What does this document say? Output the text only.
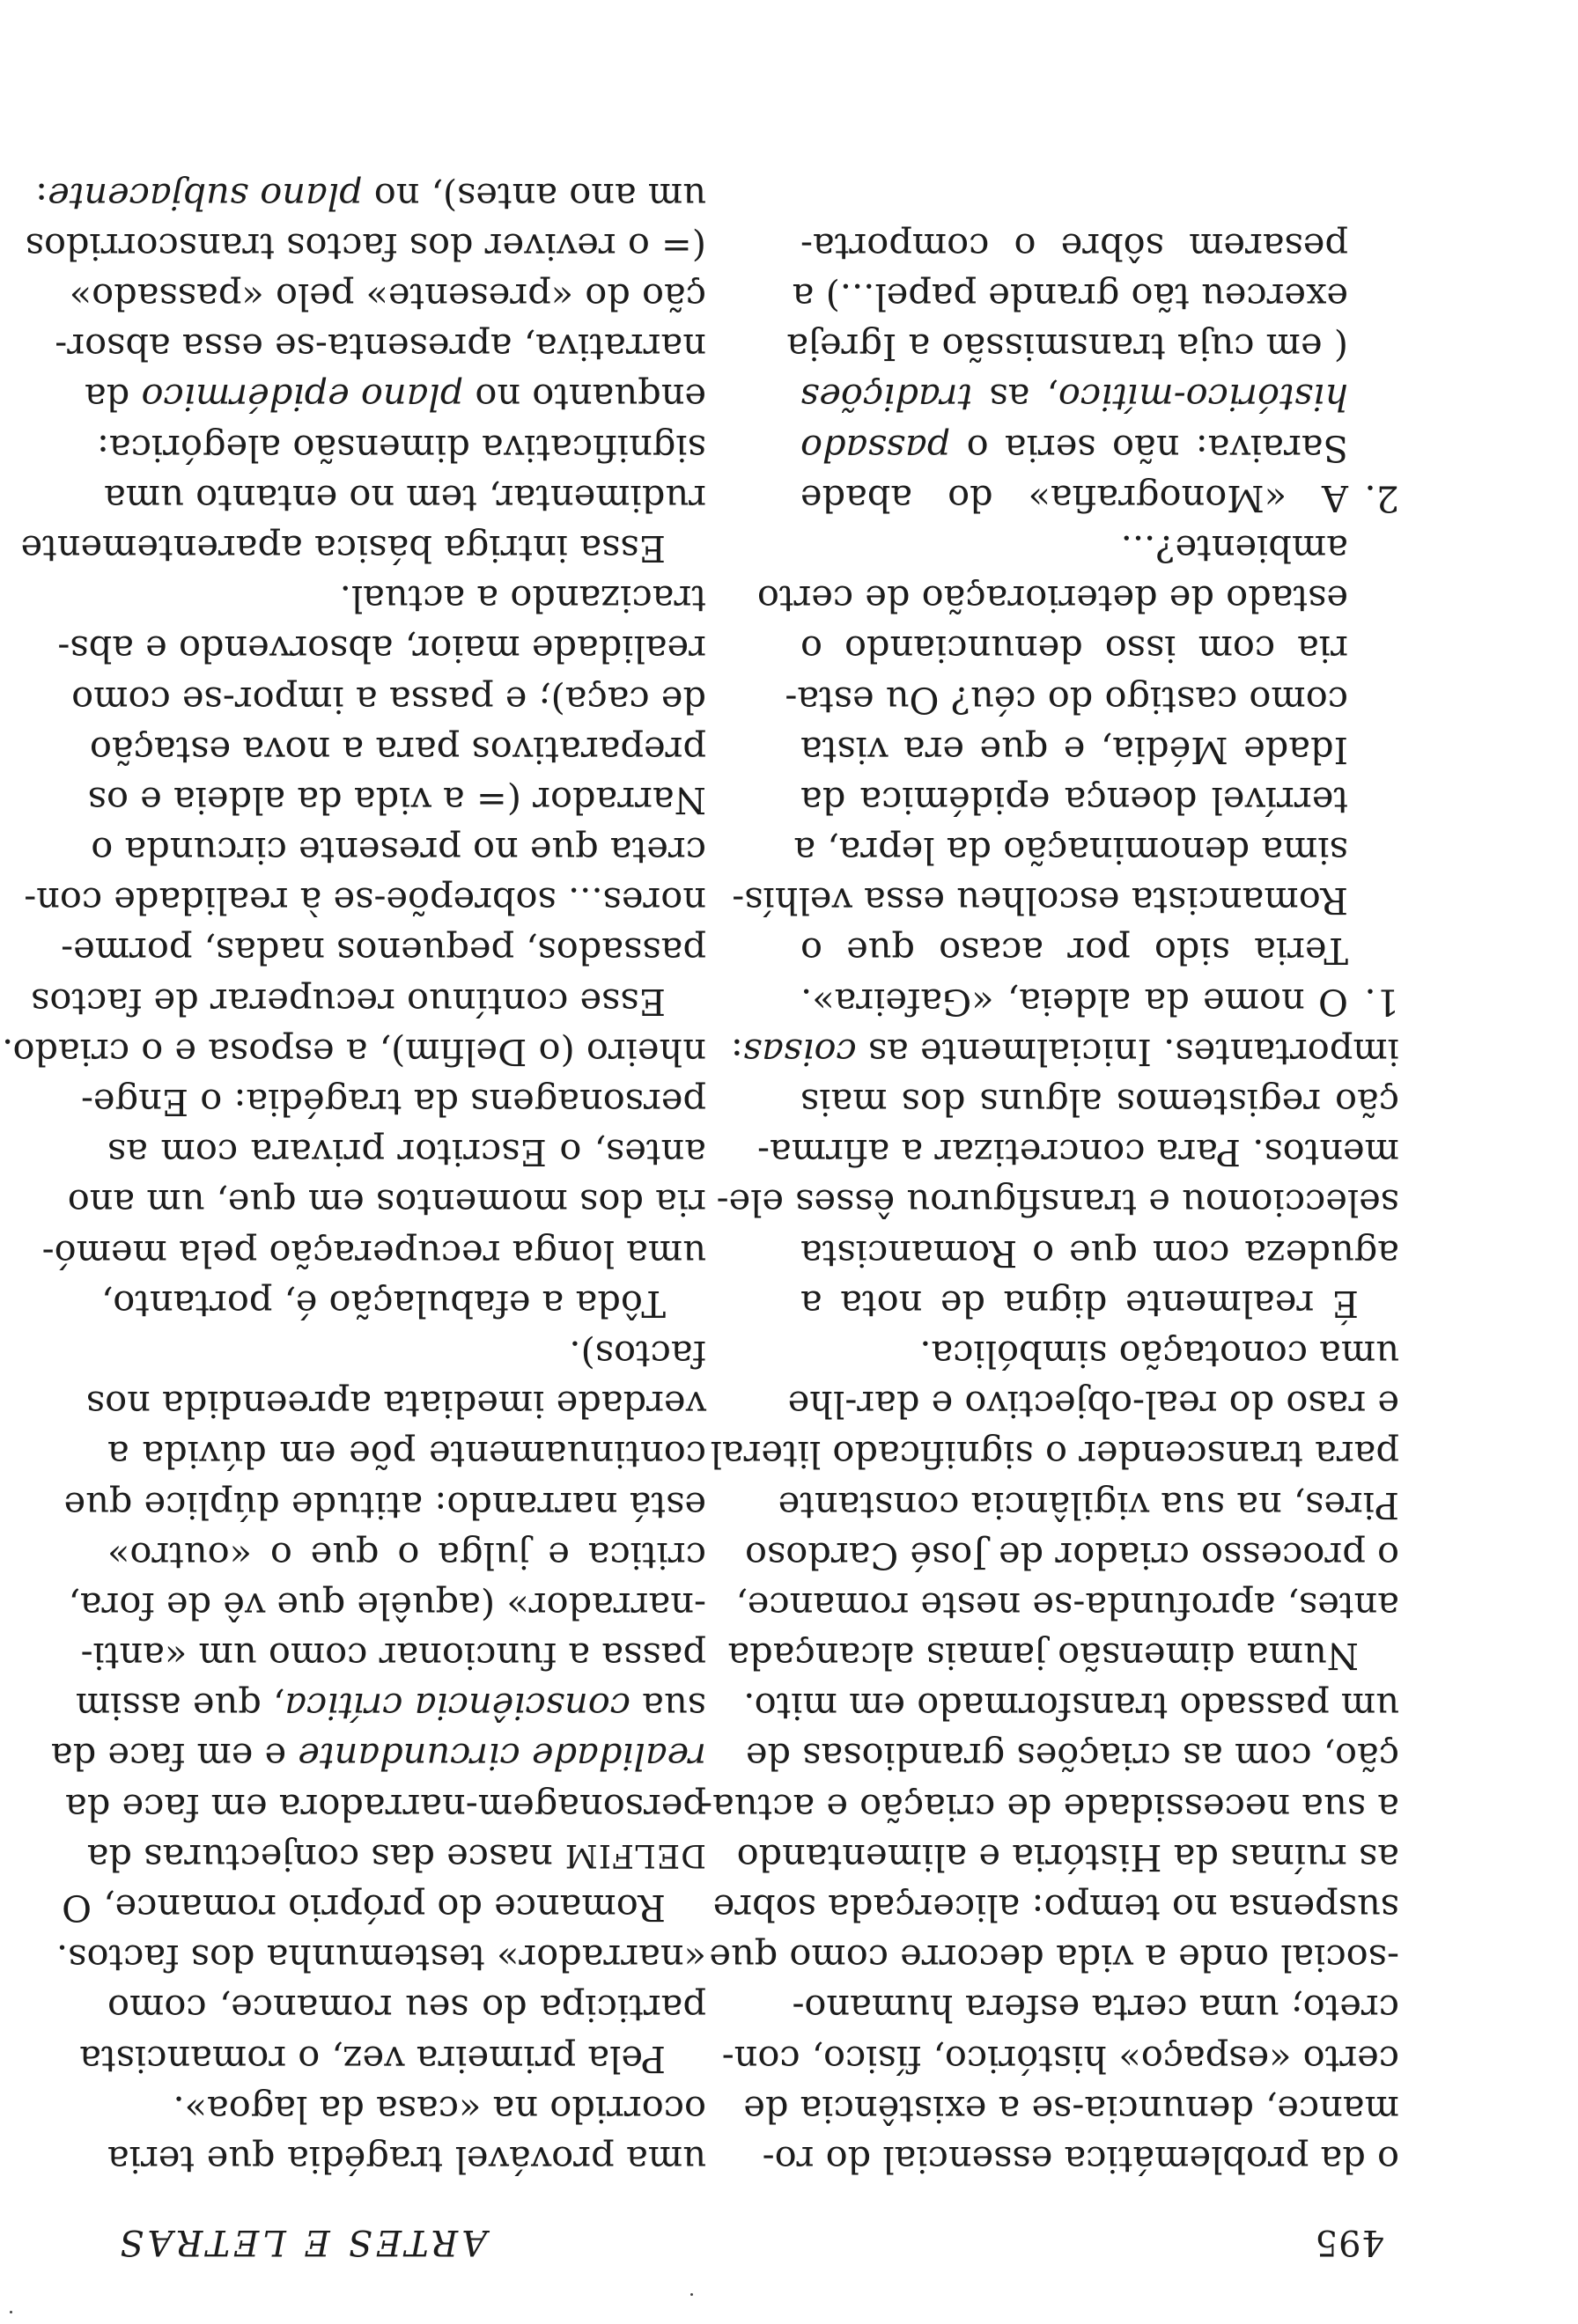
495
ARTES E LETRAS
o da problemática essencial do ro-
mance, denuncia-se a existência de
certo «espaço» histórico, físico, con-
creto; uma certa esfera humano-
-social onde a vida decorre como que
suspensa no tempo: alicerçada sobre
as ruínas da História e alimentando
a sua necessidade de criação e actua-
ção, com as criações grandiosas de
um passado transformado em mito.
Numa dimensão jamais alcançada
antes, aprofunda-se neste romance,
o processo criador de José Cardoso
Pires, na sua vigilância constante
para transcender o significado literal
e raso do real-objectivo e dar-lhe
uma conotação simbólica.
É realmente digna de nota a
agudeza com que o Romancista
seleccionou e transfigurou êsses ele-
mentos. Para concretizar a afirma-
ção registemos alguns dos mais
importantes. Inicialmente as coisas:
1.
O nome da aldeia, «Gafeira».
Teria sido por acaso que o
Romancista escolheu essa velhís-
sima denominação da lepra, a
terrível doença epidémica da
Idade Média, e que era vista
como castigo do céu? Ou esta-
ria com isso denunciando o
estado de deterioração de certo
ambiente?...
2.
A «Monografia» do abade
Saraiva: não seria o passado
histórico-mítico, as tradições
( em cuja transmissão a Igreja
exerceu tão grande papel...) a
pesarem sôbre o comporta-
uma provável tragédia que teria
ocorrido na «casa da lagoa».
Pela primeira vez, o romancista
participa do seu romance, como
«narrador» testemunha dos factos.
Romance do próprio romance, O
DELFIM nasce das conjecturas da
personagem-narradora em face da
realidade circundante e em face da
sua consciência crítica, que assim
passa a funcionar como um «anti-
-narrador» (aquêle que vê de fora,
critica e julga o que o «outro»
está narrando: atitude dúplice que
continuamente põe em dúvida a
verdade imediata apreendida nos
factos).
Tôda a efabulação é, portanto,
uma longa recuperação pela memó-
ria dos momentos em que, um ano
antes, o Escritor privara com as
personagens da tragédia: o Enge-
nheiro (o Delfim), a esposa e o criado.
Esse contínuo recuperar de factos
passados, pequenos nadas, porme-
nores... sobrepõe-se à realidade con-
creta que no presente circunda o
Narrador (= a vida da aldeia e os
preparativos para a nova estação
de caça); e passa a impor-se como
realidade maior, absorvendo e abs-
tracizando a actual.
Essa intriga básica aparentemente
rudimentar, tem no entanto uma
significativa dimensão alegórica:
enquanto no plano epidérmico da
narrativa, apresenta-se essa absor-
ção do «presente» pelo «passado»
(= o reviver dos factos transcorridos
um ano antes), no plano subjacente:
